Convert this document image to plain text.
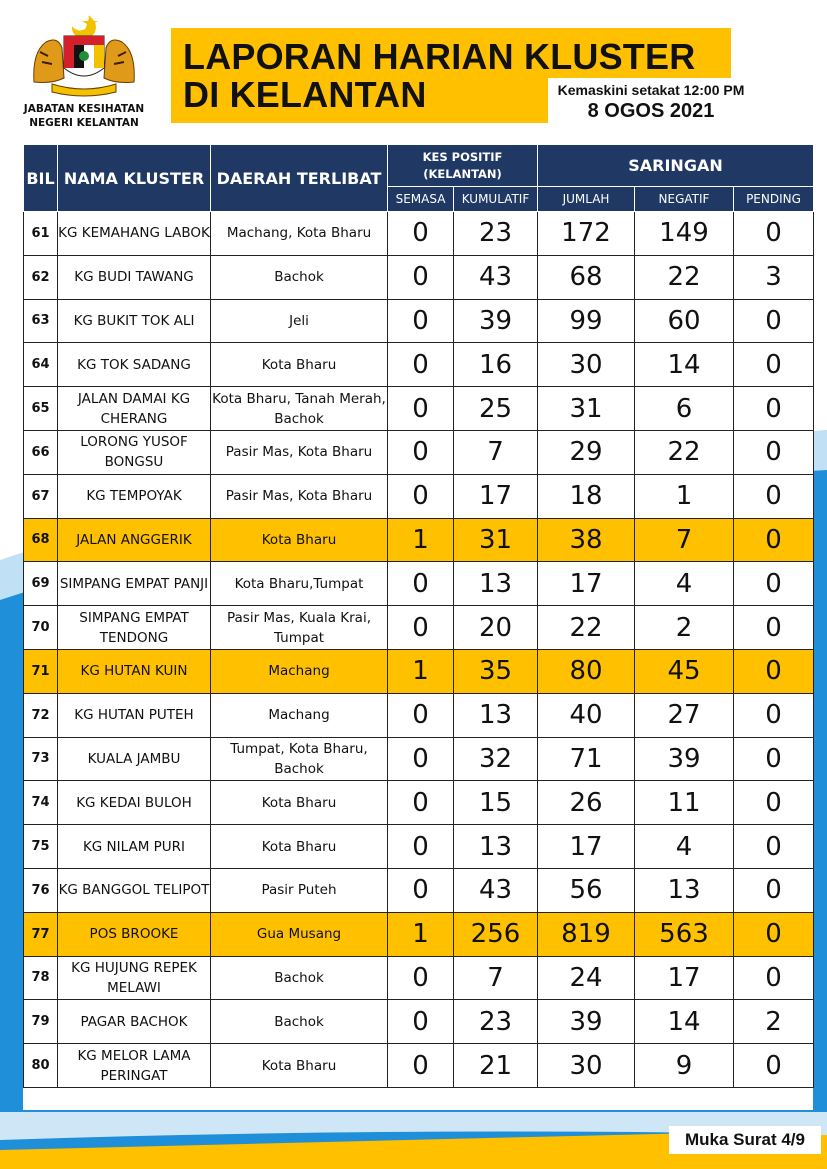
JABATAN KESIHATAN
NEGERI KELANTAN
LAPORAN HARIAN KLUSTER
DI KELANTAN	Kemaskini setakat 12:00 PM
8 OGOS 2021
BIL	NAMA KLUSTER	DAERAH TERLIBAT	KES POSITIF
(KELANTAN)		SARINGAN		
			SEMASA	KUMULATIF	JUMLAH	NEGATIF	PENDING
61	KG KEMAHANG LABOK	Machang, Kota Bharu	0	23	172	149	0
62	KG BUDI TAWANG	Bachok	0	43	68	22	3
63	KG BUKIT TOK ALI	Jeli	0	39	99	60	0
64	KG TOK SADANG	Kota Bharu	0	16	30	14	0
65	JALAN DAMAI KG CHERANG	Kota Bharu, Tanah Merah, Bachok	0	25	31	6	0
66	LORONG YUSOF BONGSU	Pasir Mas, Kota Bharu	0	7	29	22	0
67	KG TEMPOYAK	Pasir Mas, Kota Bharu	0	17	18	1	0
68	JALAN ANGGERIK	Kota Bharu	1	31	38	7	0
69	SIMPANG EMPAT PANJI	Kota Bharu,Tumpat	0	13	17	4	0
70	SIMPANG EMPAT TENDONG	Pasir Mas, Kuala Krai, Tumpat	0	20	22	2	0
71	KG HUTAN KUIN	Machang	1	35	80	45	0
72	KG HUTAN PUTEH	Machang	0	13	40	27	0
73	KUALA JAMBU	Tumpat, Kota Bharu, Bachok	0	32	71	39	0
74	KG KEDAI BULOH	Kota Bharu	0	15	26	11	0
75	KG NILAM PURI	Kota Bharu	0	13	17	4	0
76	KG BANGGOL TELIPOT	Pasir Puteh	0	43	56	13	0
77	POS BROOKE	Gua Musang	1	256	819	563	0
78	KG HUJUNG REPEK MELAWI	Bachok	0	7	24	17	0
79	PAGAR BACHOK	Bachok	0	23	39	14	2
80	KG MELOR LAMA PERINGAT	Kota Bharu	0	21	30	9	0
Muka Surat 4/9
